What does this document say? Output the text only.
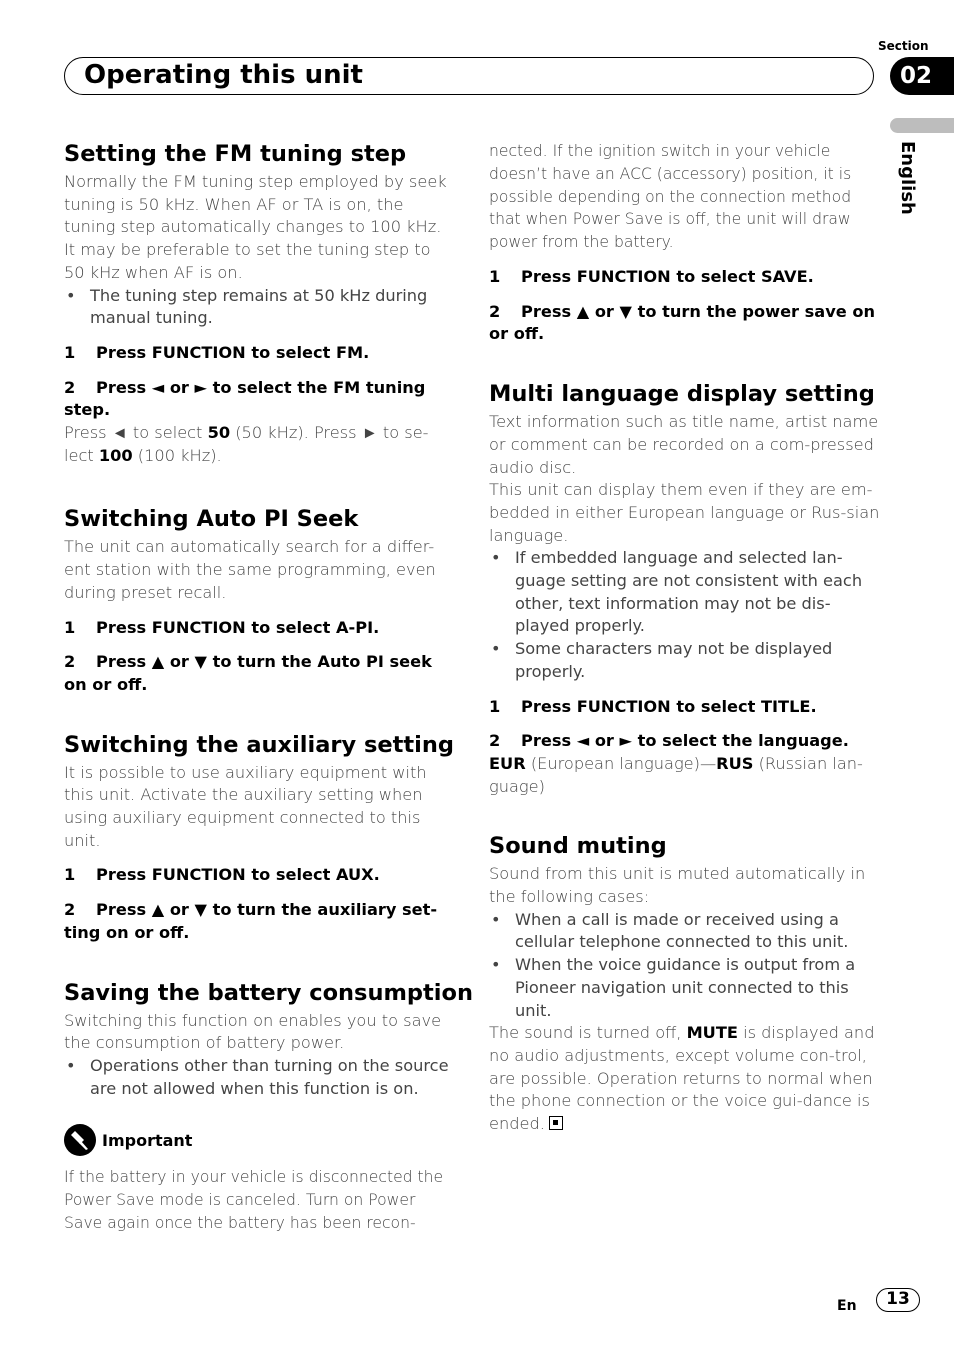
Section
Operating this unit	02
English
Setting the FM tuning step

Normally the FM tuning step employed by seek tuning is 50 kHz. When AF or TA is on, the tuning step automatically changes to 100 kHz. It may be preferable to set the tuning step to 50 kHz when AF is on.

• The tuning step remains at 50 kHz during manual tuning.
1 Press FUNCTION to select FM.
2 Press ◄ or ► to select the FM tuning step.

Press ◄ to select 50 (50 kHz). Press ► to se-lect 100 (100 kHz).

Switching Auto PI Seek

The unit can automatically search for a differ-ent station with the same programming, even during preset recall.

1 Press FUNCTION to select A-PI.
2 Press ▲ or ▼ to turn the Auto PI seek on or off.
Switching the auxiliary setting

It is possible to use auxiliary equipment with this unit. Activate the auxiliary setting when using auxiliary equipment connected to this unit.

1 Press FUNCTION to select AUX.
2 Press ▲ or ▼ to turn the auxiliary set-ting on or off.
Saving the battery consumption

Switching this function on enables you to save the consumption of battery power.

• Operations other than turning on the source are not allowed when this function is on.
Important

If the battery in your vehicle is disconnected the Power Save mode is canceled. Turn on Power Save again once the battery has been recon-

nected. If the ignition switch in your vehicle doesn’t have an ACC (accessory) position, it is possible depending on the connection method that when Power Save is off, the unit will draw power from the battery.

1 Press FUNCTION to select SAVE.
2 Press ▲ or ▼ to turn the power save on or off.
Multi language display setting

Text information such as title name, artist name or comment can be recorded on a com-pressed audio disc.

This unit can display them even if they are em-bedded in either European language or Rus-sian language.

• If embedded language and selected lan-guage setting are not consistent with each other, text information may not be dis-played properly.
• Some characters may not be displayed properly.
1 Press FUNCTION to select TITLE.
2 Press ◄ or ► to select the language.

EUR (European language)—RUS (Russian lan-guage)

Sound muting

Sound from this unit is muted automatically in the following cases:

• When a call is made or received using a cellular telephone connected to this unit.
• When the voice guidance is output from a Pioneer navigation unit connected to this unit.

The sound is turned off, MUTE is displayed and no audio adjustments, except volume con-trol, are possible. Operation returns to normal when the phone connection or the voice gui-dance is ended.

En	13
